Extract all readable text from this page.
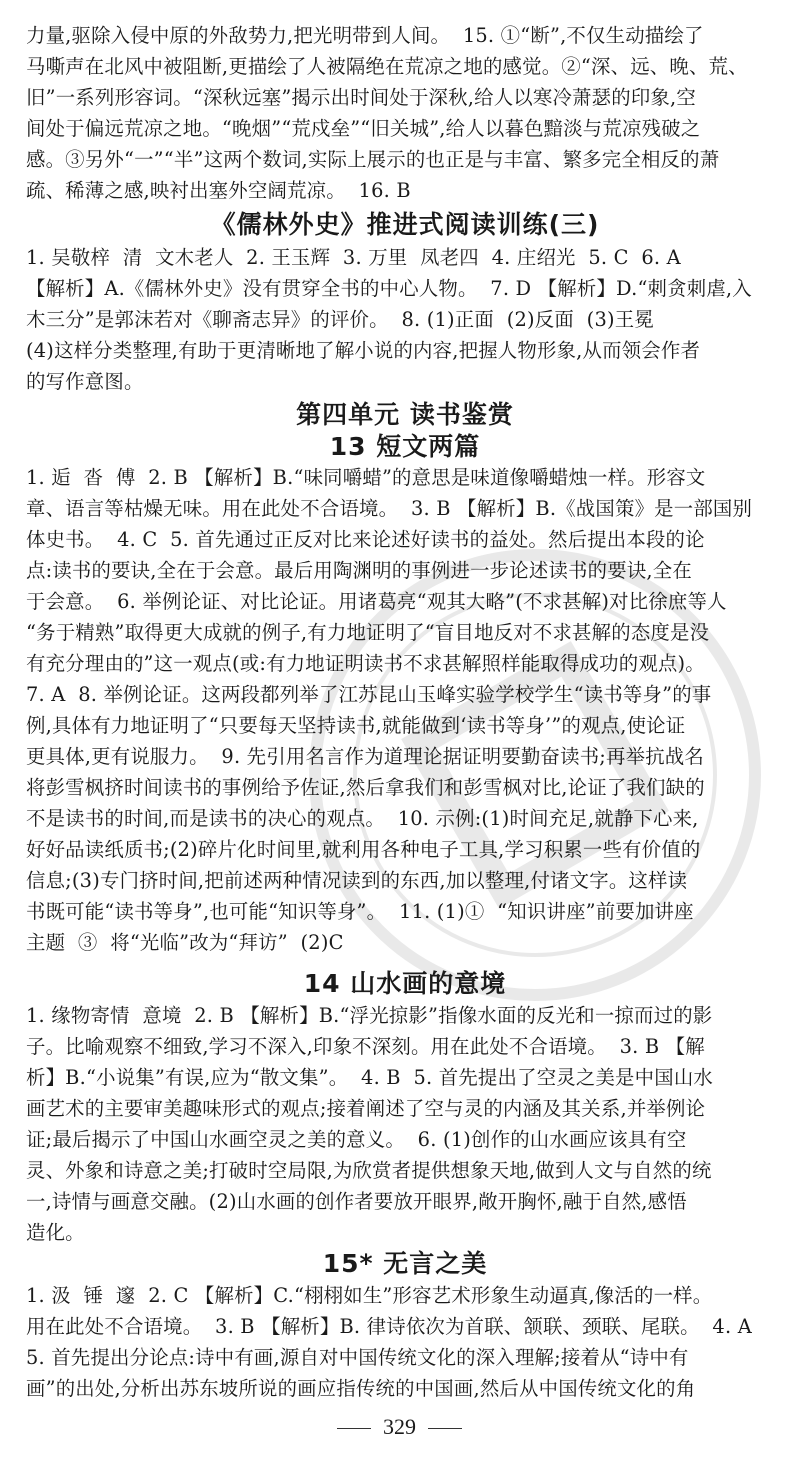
力量,驱除入侵中原的外敌势力,把光明带到人间。  15. ①“断”,不仅生动描绘了

马嘶声在北风中被阻断,更描绘了人被隔绝在荒凉之地的感觉。②“深、远、晚、荒、

旧”一系列形容词。“深秋远塞”揭示出时间处于深秋,给人以寒冷萧瑟的印象,空

间处于偏远荒凉之地。“晚烟”“荒戍垒”“旧关城”,给人以暮色黯淡与荒凉残破之

感。③另外“一”“半”这两个数词,实际上展示的也正是与丰富、繁多完全相反的萧

疏、稀薄之感,映衬出塞外空阔荒凉。  16. B

《儒林外史》推进式阅读训练(三)

1. 吴敬梓  清  文木老人  2. 王玉辉  3. 万里  凤老四  4. 庄绍光  5. C  6. A

【解析】A.《儒林外史》没有贯穿全书的中心人物。  7. D 【解析】D.“刺贪刺虐,入

木三分”是郭沫若对《聊斋志异》的评价。  8. (1)正面  (2)反面  (3)王冕

(4)这样分类整理,有助于更清晰地了解小说的内容,把握人物形象,从而领会作者

的写作意图。

第四单元 读书鉴赏

13 短文两篇

1. 逅  沓  傅  2. B 【解析】B.“味同嚼蜡”的意思是味道像嚼蜡烛一样。形容文

章、语言等枯燥无味。用在此处不合语境。  3. B 【解析】B.《战国策》是一部国别

体史书。  4. C  5. 首先通过正反对比来论述好读书的益处。然后提出本段的论

点:读书的要诀,全在于会意。最后用陶渊明的事例进一步论述读书的要诀,全在

于会意。  6. 举例论证、对比论证。用诸葛亮“观其大略”(不求甚解)对比徐庶等人

“务于精熟”取得更大成就的例子,有力地证明了“盲目地反对不求甚解的态度是没

有充分理由的”这一观点(或:有力地证明读书不求甚解照样能取得成功的观点)。

7. A  8. 举例论证。这两段都列举了江苏昆山玉峰实验学校学生“读书等身”的事

例,具体有力地证明了“只要每天坚持读书,就能做到‘读书等身’”的观点,使论证

更具体,更有说服力。  9. 先引用名言作为道理论据证明要勤奋读书;再举抗战名

将彭雪枫挤时间读书的事例给予佐证,然后拿我们和彭雪枫对比,论证了我们缺的

不是读书的时间,而是读书的决心的观点。  10. 示例:(1)时间充足,就静下心来,

好好品读纸质书;(2)碎片化时间里,就利用各种电子工具,学习积累一些有价值的

信息;(3)专门挤时间,把前述两种情况读到的东西,加以整理,付诸文字。这样读

书既可能“读书等身”,也可能“知识等身”。  11. (1)①  “知识讲座”前要加讲座

主题  ③  将“光临”改为“拜访”  (2)C

14 山水画的意境

1. 缘物寄情  意境  2. B 【解析】B.“浮光掠影”指像水面的反光和一掠而过的影

子。比喻观察不细致,学习不深入,印象不深刻。用在此处不合语境。  3. B 【解

析】B.“小说集”有误,应为“散文集”。  4. B  5. 首先提出了空灵之美是中国山水

画艺术的主要审美趣味形式的观点;接着阐述了空与灵的内涵及其关系,并举例论

证;最后揭示了中国山水画空灵之美的意义。  6. (1)创作的山水画应该具有空

灵、外象和诗意之美;打破时空局限,为欣赏者提供想象天地,做到人文与自然的统

一,诗情与画意交融。(2)山水画的创作者要放开眼界,敞开胸怀,融于自然,感悟

造化。

15* 无言之美

1. 汲  锤  邃  2. C 【解析】C.“栩栩如生”形容艺术形象生动逼真,像活的一样。

用在此处不合语境。  3. B 【解析】B. 律诗依次为首联、颔联、颈联、尾联。  4. A

5. 首先提出分论点:诗中有画,源自对中国传统文化的深入理解;接着从“诗中有

画”的出处,分析出苏东坡所说的画应指传统的中国画,然后从中国传统文化的角

329
